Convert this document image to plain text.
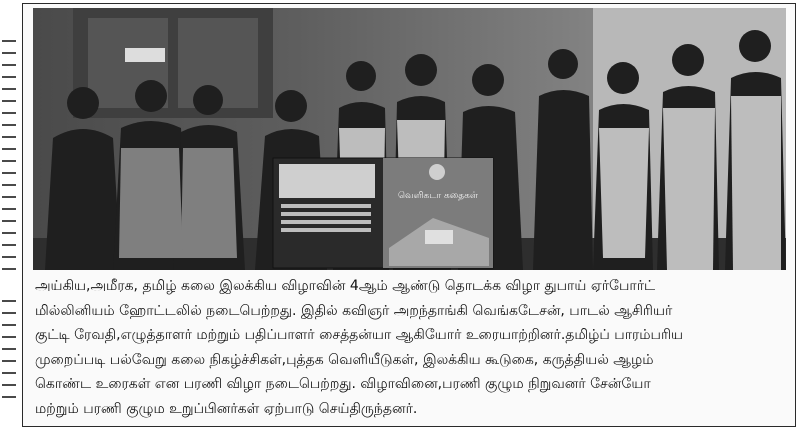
வெளிகடா கதைகள்

அய்கிய,அமீரக, தமிழ் கலை இலக்கிய விழாவின் 4ஆம் ஆண்டு தொடக்க விழா துபாய் ஏர்போர்ட்
மில்லினியம் ஹோட்டலில் நடைபெற்றது. இதில் கவிஞர் அறந்தாங்கி வெங்கடேசன், பாடல் ஆசிரியர்
குட்டி ரேவதி,எழுத்தாளர் மற்றும் பதிப்பாளர் சைத்தன்யா ஆகியோர் உரையாற்றினர்.தமிழ்ப் பாரம்பரிய
முறைப்படி பல்வேறு கலை நிகழ்ச்சிகள்,புத்தக வெளியீடுகள், இலக்கிய கூடுகை, கருத்தியல் ஆழம்
கொண்ட உரைகள் என பரணி விழா நடைபெற்றது. விழாவினை,பரணி குழும நிறுவனர் சேன்யோ
மற்றும் பரணி குழும உறுப்பினர்கள் ஏற்பாடு செய்திருந்தனர்.
